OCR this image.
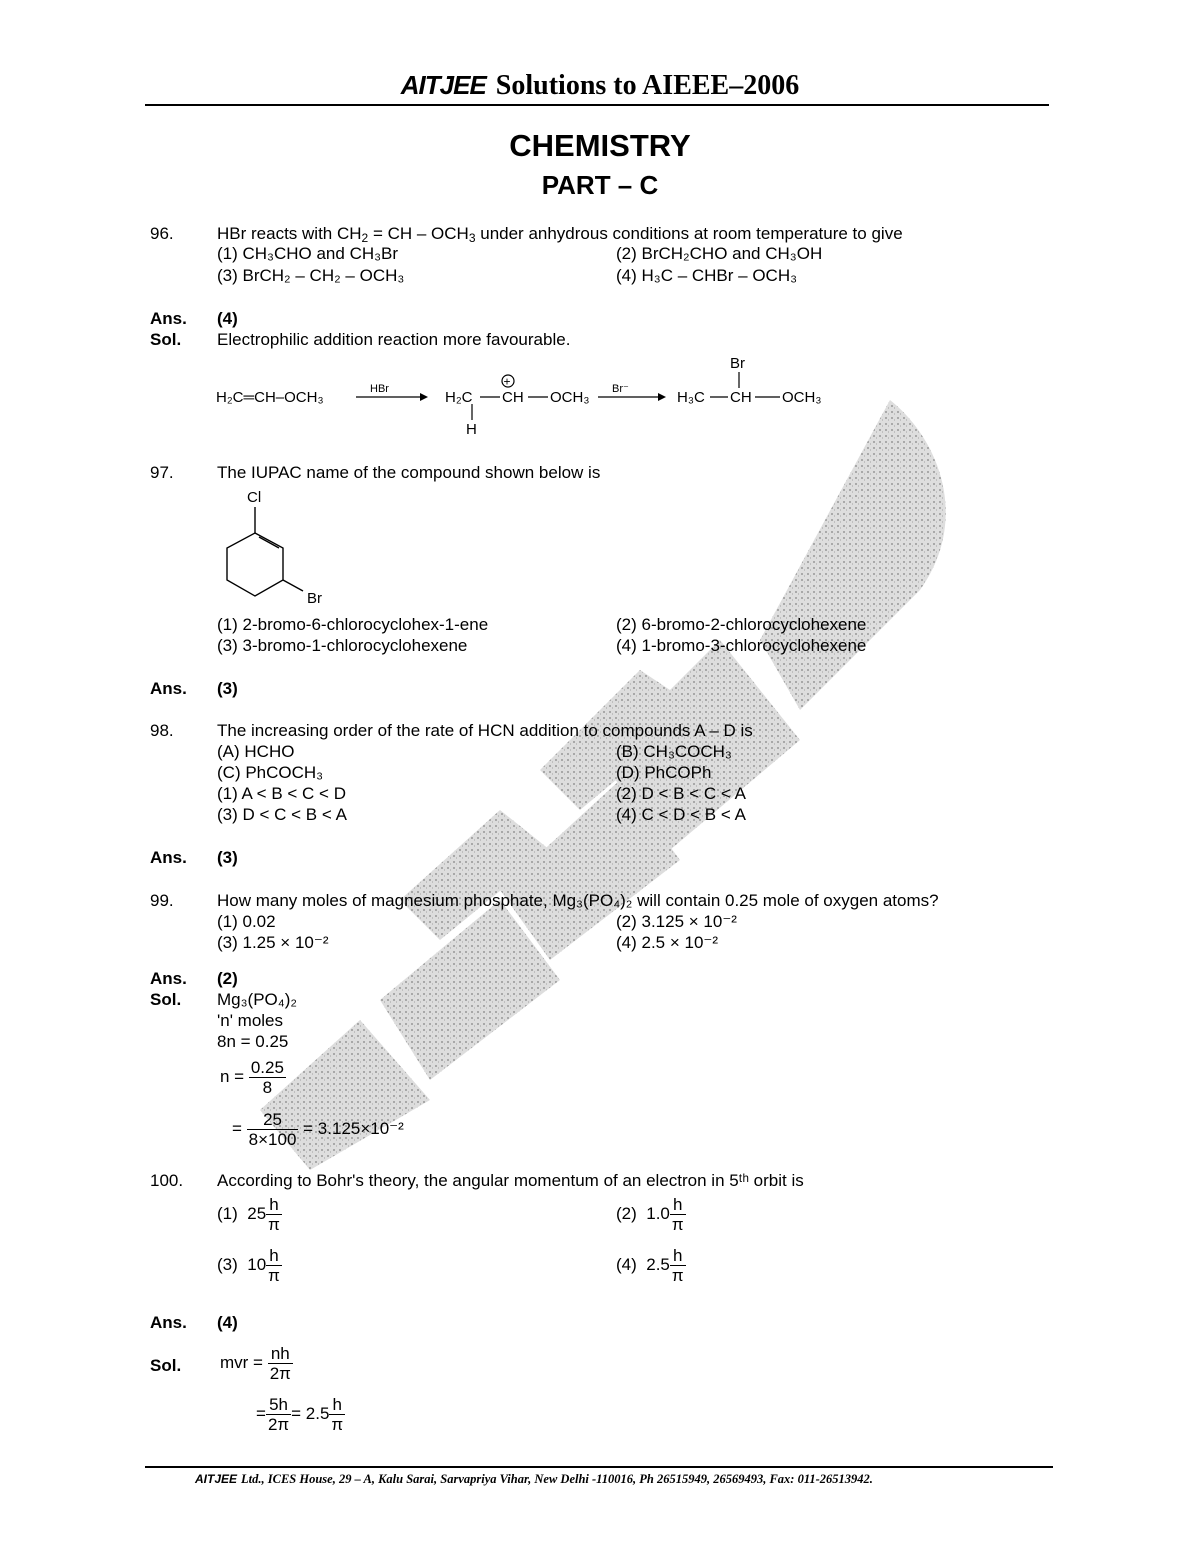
AITJEE Solutions to AIEEE–2006
CHEMISTRY
PART – C
96.	HBr reacts with $CH_2$ = CH – $OCH_3$ under anhydrous conditions at room temperature to give
(1) CH₃CHO and CH₃Br	(2) BrCH₂CHO and CH₃OH
(3) BrCH₂ – CH₂ – OCH₃	(4) H₃C – CHBr – OCH₃
Ans. (4)
Sol. Electrophilic addition reaction more favourable.
H₂C═CH–OCH₃	HBr	H₂C CH
+
OCH₃
H
Br⁻	H₃C CH OCH₃
Br
97.	The IUPAC name of the compound shown below is
Cl
Br
(1) 2-bromo-6-chlorocyclohex-1-ene	(2) 6-bromo-2-chlorocyclohexene
(3) 3-bromo-1-chlorocyclohexene	(4) 1-bromo-3-chlorocyclohexene
Ans. (3)
98.	The increasing order of the rate of HCN addition to compounds A – D is
(A) HCHO	(B) CH₃COCH₃
(C) PhCOCH₃	(D) PhCOPh
(1) A < B < C < D	(2) D < B < C < A
(3) D < C < B < A	(4) C < D < B < A
Ans. (3)
99.	How many moles of magnesium phosphate, Mg₃(PO₄)₂ will contain 0.25 mole of oxygen atoms?
(1) 0.02	(2) 3.125 × 10⁻²
(3) 1.25 × 10⁻²	(4) 2.5 × 10⁻²
Ans. (2)
Sol. Mg₃(PO₄)₂
'n' moles
8n = 0.25
$n = \frac{0.25}{8}$
= $\frac{25}{8\times 100} = 3.125\times 10^{-2}$
100. According to Bohr's theory, the angular momentum of an electron in 5ᵗʰ orbit is
(1) $25 \frac{h}{\pi}$	(2) $1.0 \frac{h}{\pi}$
(3) $10 \frac{h}{\pi}$	(4) $2.5 \frac{h}{\pi}$
Ans. (4)
Sol. mvr = $\frac{nh}{2\pi}$
= $\frac{5h}{2\pi} = 2.5 \frac{h}{\pi}$
AITJEE Ltd., ICES House, 29 – A, Kalu Sarai, Sarvapriya Vihar, New Delhi -110016, Ph 26515949, 26569493, Fax: 011-26513942.
